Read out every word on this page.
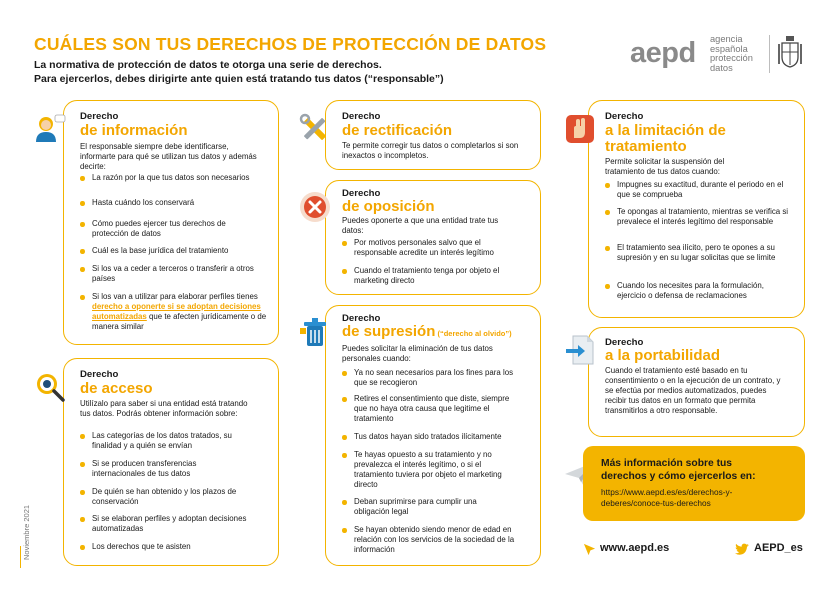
CUÁLES SON TUS DERECHOS DE PROTECCIÓN DE DATOS
La normativa de protección de datos te otorga una serie de derechos.
Para ejercerlos, debes dirigirte ante quien está tratando tus datos (“responsable”)
aepd agencia
española
protección
datos
Derecho
de información
El responsable siempre debe identificarse, informarte para qué se utilizan tus datos y además decirte:
La razón por la que tus datos son necesarios
Hasta cuándo los conservará
Cómo puedes ejercer tus derechos de protección de datos
Cuál es la base jurídica del tratamiento
Si los va a ceder a terceros o transferir a otros países
Si los van a utilizar para elaborar perfiles tienes derecho a oponerte si se adoptan decisiones automatizadas que te afecten jurídicamente o de manera similar
Derecho
de acceso
Utilízalo para saber si una entidad está tratando tus datos. Podrás obtener información sobre:
Las categorías de los datos tratados, su finalidad y a quién se envían
Si se producen transferencias internacionales de tus datos
De quién se han obtenido y los plazos de conservación
Si se elaboran perfiles y adoptan decisiones automatizadas
Los derechos que te asisten
Derecho
de rectificación
Te permite corregir tus datos o completarlos si son inexactos o incompletos.
Derecho
de oposición
Puedes oponerte a que una entidad trate tus datos:
Por motivos personales salvo que el responsable acredite un interés legítimo
Cuando el tratamiento tenga por objeto el marketing directo
Derecho
de supresión (“derecho al olvido”)
Puedes solicitar la eliminación de tus datos personales cuando:
Ya no sean necesarios para los fines para los que se recogieron
Retires el consentimiento que diste, siempre que no haya otra causa que legitime el tratamiento
Tus datos hayan sido tratados ilícitamente
Te hayas opuesto a su tratamiento y no prevalezca el interés legítimo, o si el tratamiento tuviera por objeto el marketing directo
Deban suprimirse para cumplir una obligación legal
Se hayan obtenido siendo menor de edad en relación con los servicios de la sociedad de la información
Derecho
a la limitación de
tratamiento
Permite solicitar la suspensión del tratamiento de tus datos cuando:
Impugnes su exactitud, durante el periodo en el que se comprueba
Te opongas al tratamiento, mientras se verifica si prevalece el interés legítimo del responsable
El tratamiento sea ilícito, pero te opones a su supresión y en su lugar solicitas que se limite
Cuando los necesites para la formulación, ejercicio o defensa de reclamaciones
Derecho
a la portabilidad
Cuando el tratamiento esté basado en tu consentimiento o en la ejecución de un contrato, y se efectúa por medios automatizados, puedes recibir tus datos en un formato que permita transmitirlos a otro responsable.
Más información sobre tus
derechos y cómo ejercerlos en:
https://www.aepd.es/es/derechos-y-
deberes/conoce-tus-derechos
www.aepd.es	AEPD_es
Noviembre 2021
